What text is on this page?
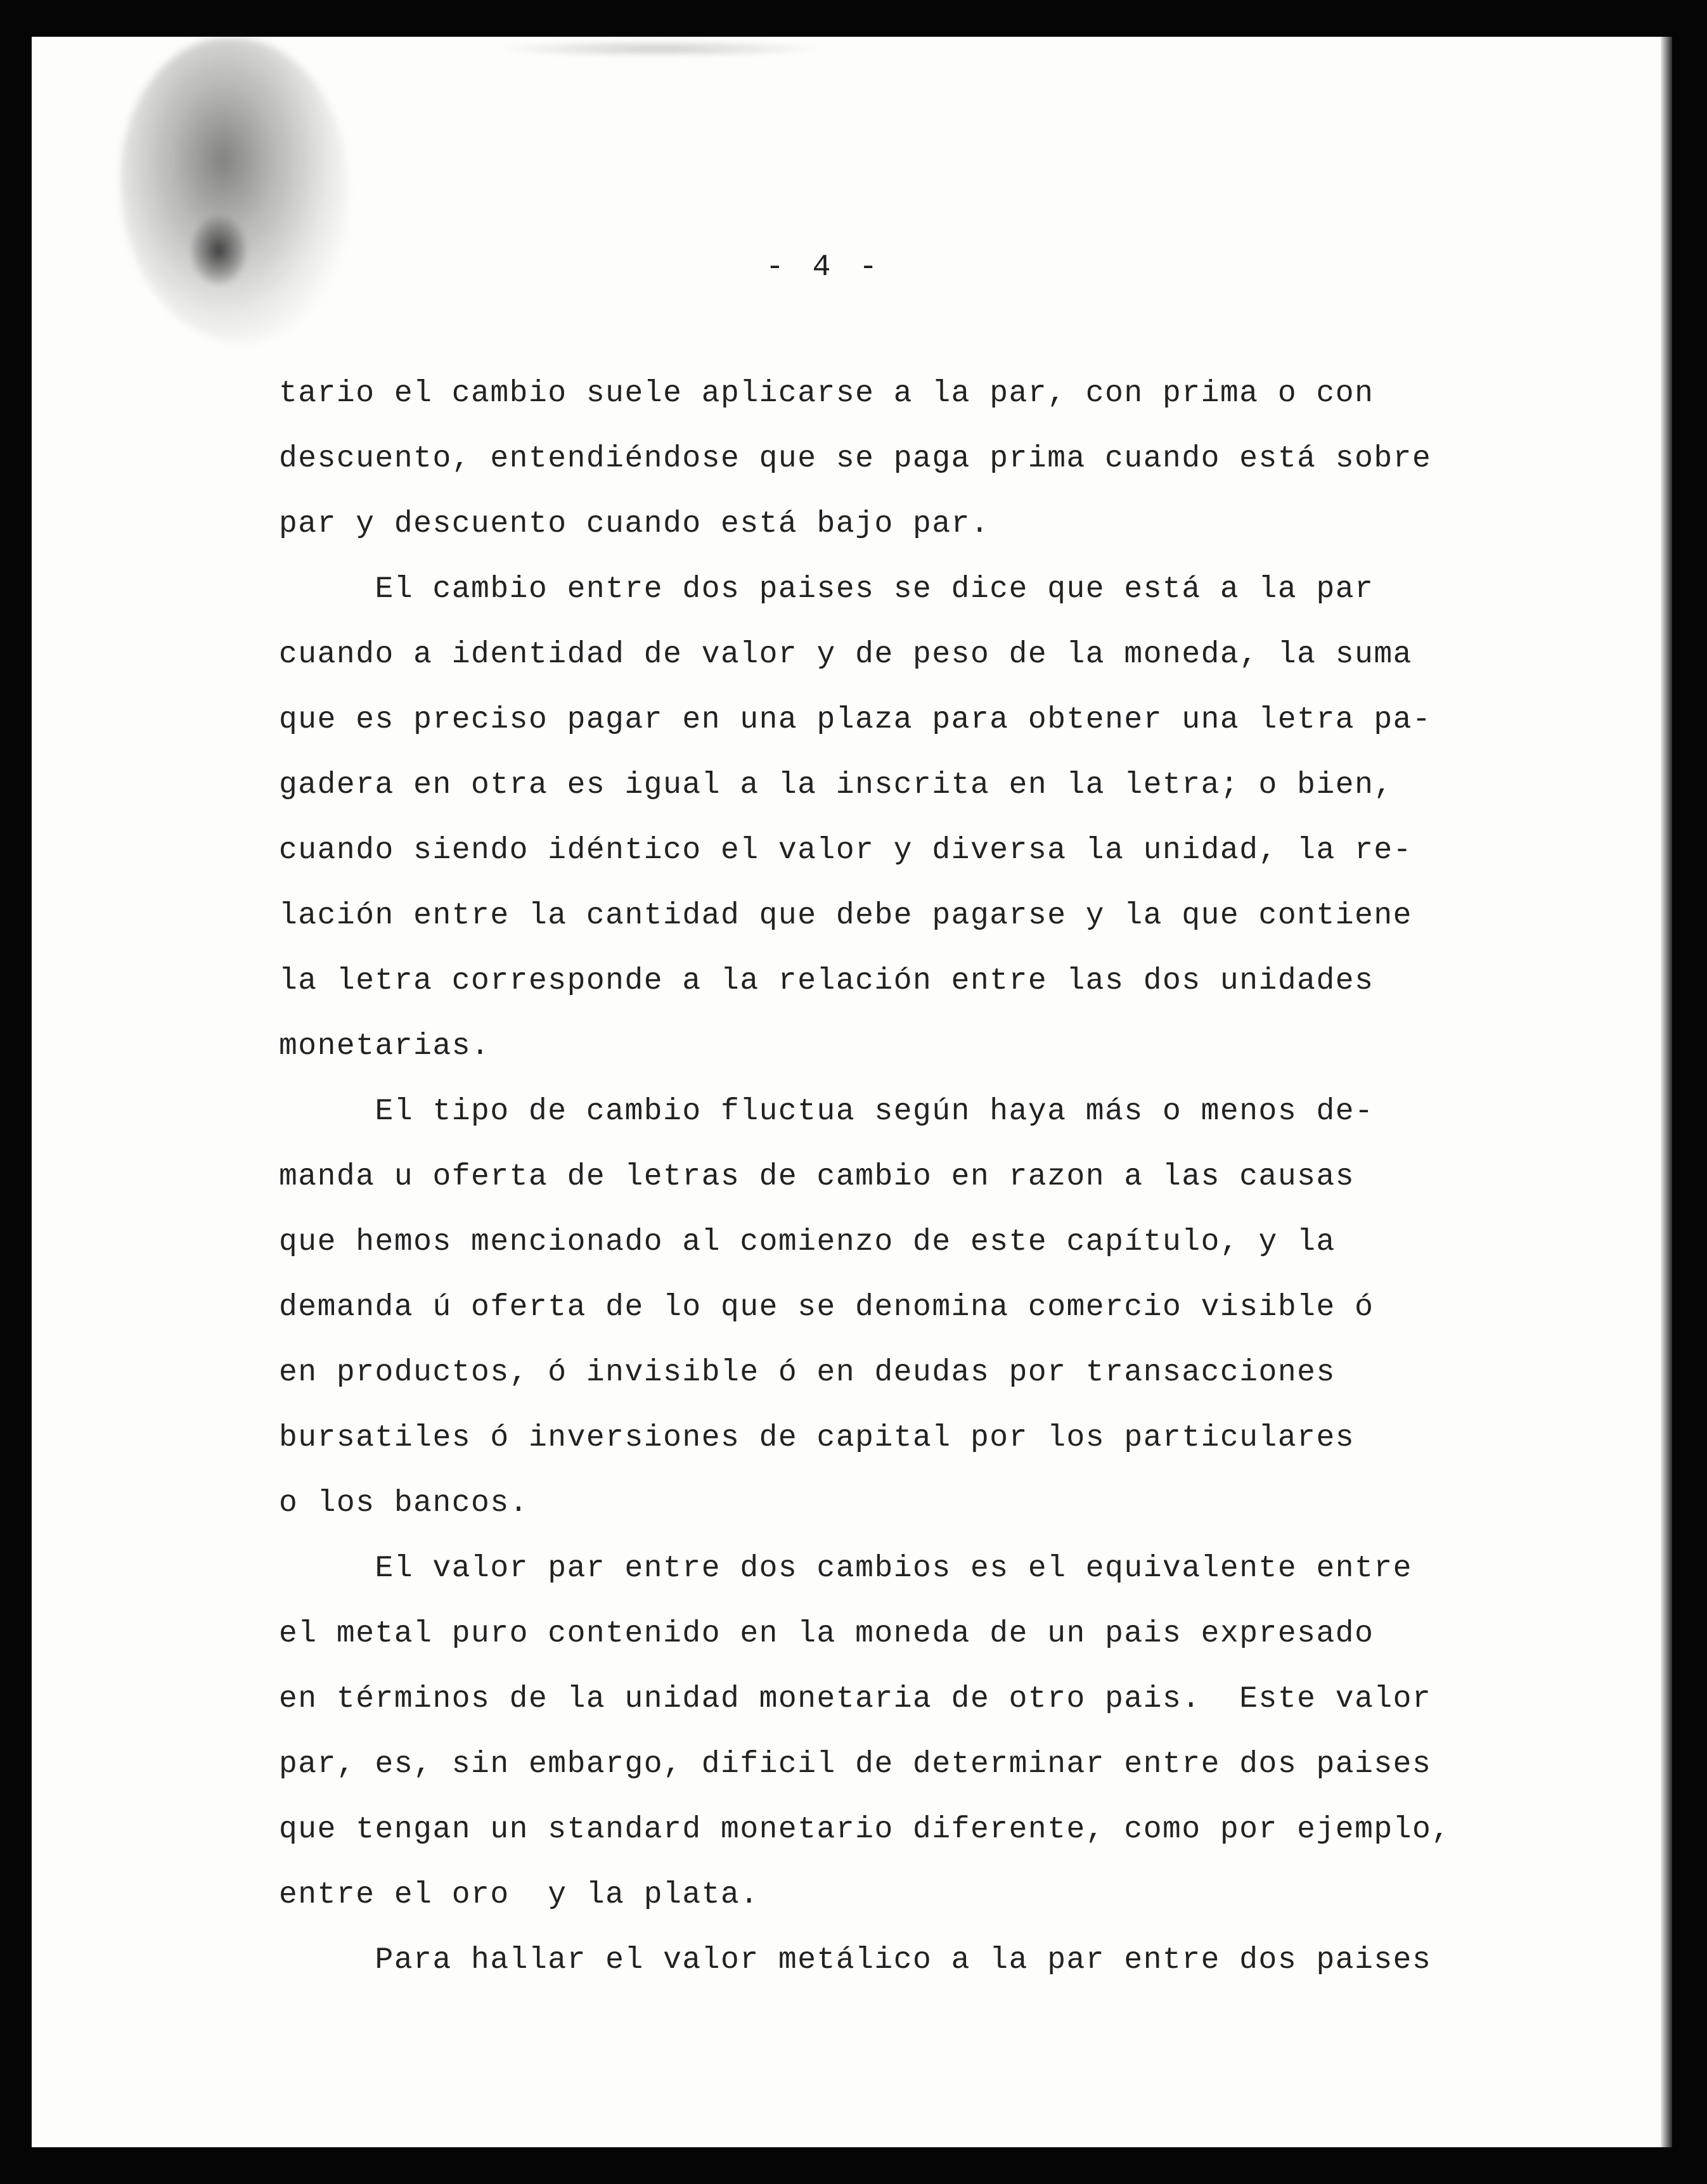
- 4 -
tario el cambio suele aplicarse a la par, con prima o con
descuento, entendiéndose que se paga prima cuando está sobre
par y descuento cuando está bajo par.
El cambio entre dos paises se dice que está a la par
cuando a identidad de valor y de peso de la moneda, la suma
que es preciso pagar en una plaza para obtener una letra pa-
gadera en otra es igual a la inscrita en la letra; o bien,
cuando siendo idéntico el valor y diversa la unidad, la re-
lación entre la cantidad que debe pagarse y la que contiene
la letra corresponde a la relación entre las dos unidades
monetarias.
El tipo de cambio fluctua según haya más o menos de-
manda u oferta de letras de cambio en razon a las causas
que hemos mencionado al comienzo de este capítulo, y la
demanda ú oferta de lo que se denomina comercio visible ó
en productos, ó invisible ó en deudas por transacciones
bursatiles ó inversiones de capital por los particulares
o los bancos.
El valor par entre dos cambios es el equivalente entre
el metal puro contenido en la moneda de un pais expresado
en términos de la unidad monetaria de otro pais.  Este valor
par, es, sin embargo, dificil de determinar entre dos paises
que tengan un standard monetario diferente, como por ejemplo,
entre el oro  y la plata.
Para hallar el valor metálico a la par entre dos paises
